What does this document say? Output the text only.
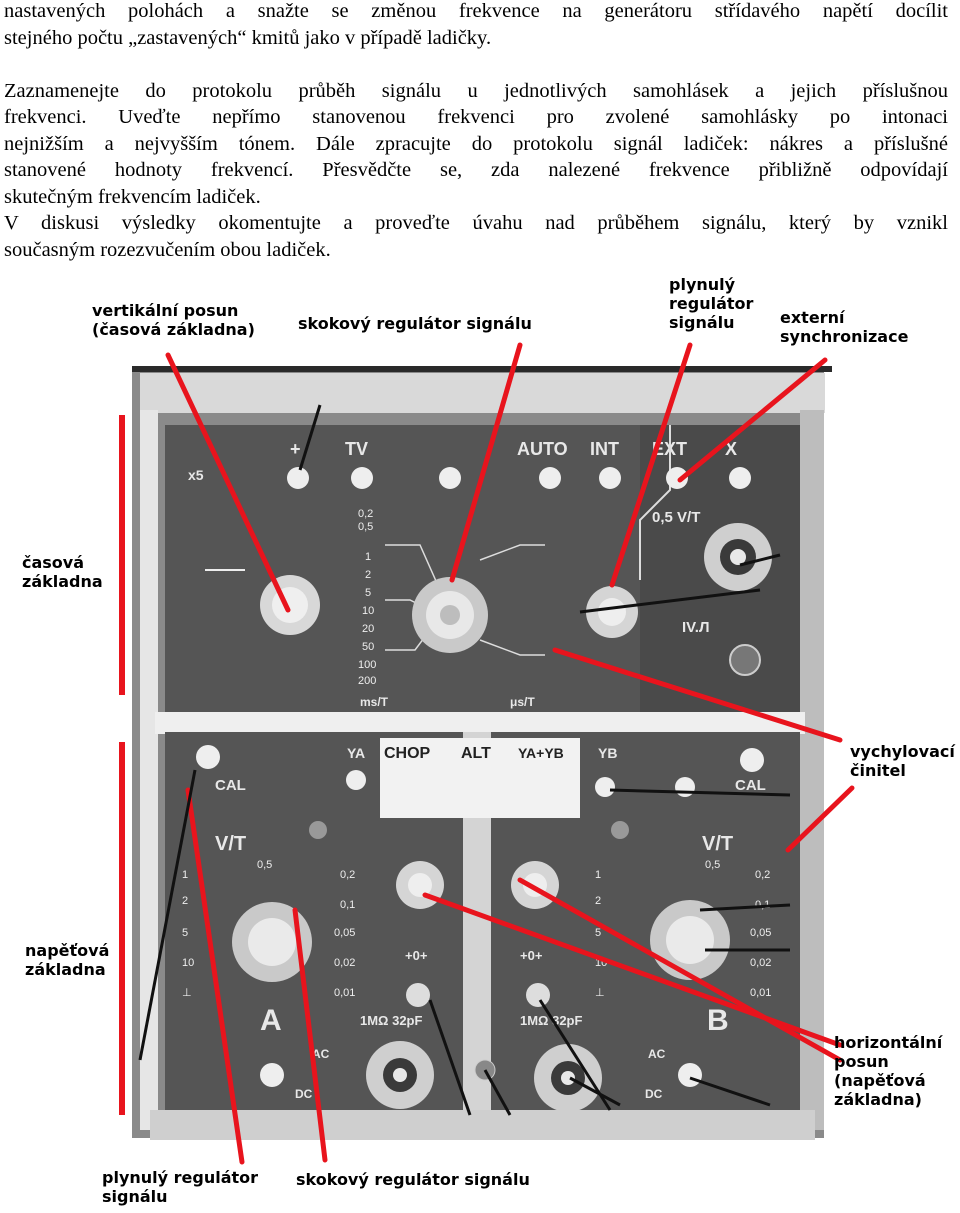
nastavených polohách a snažte se změnou frekvence na generátoru střídavého napětí docílit
stejného počtu „zastavených“ kmitů jako v případě ladičky.
Zaznamenejte do protokolu průběh signálu u jednotlivých samohlásek a jejich příslušnou
frekvenci. Uveďte nepřímo stanovenou frekvenci pro zvolené samohlásky po intonaci
nejnižším a nejvyšším tónem. Dále zpracujte do protokolu signál ladiček: nákres a příslušné
stanovené hodnoty frekvencí. Přesvědčte se, zda nalezené frekvence přibližně odpovídají
skutečným frekvencím ladiček.
V diskusi výsledky okomentujte a proveďte úvahu nad průběhem signálu, který by vznikl
současným rozezvučením obou ladiček.
x5
+ TV	AUTO INT EXT X
0,5 V/T
IV.Л
ms/T	μs/T
0,2
0,5
1
2
5
10
20
50
100
200
YA CHOP ALT YA+YB YB
CAL	CAL
V/T	V/T
A	B
AC
DC
AC
DC
1MΩ 32pF	1MΩ 32pF
+0+	+0+
0,5
1
2
5
10
⊥
0,2
0,1
0,05
0,02
0,01
0,5
1
2
5
10
⊥
0,2
0,1
0,05
0,02
0,01
vertikální posun
(časová základna)	skokový regulátor signálu
plynulý
regulátor
signálu	externí
synchronizace
časová
základna
vychylovací
činitel
napěťová
základna
horizontální
posun
(napěťová
základna)
plynulý regulátor
signálu
skokový regulátor signálu
